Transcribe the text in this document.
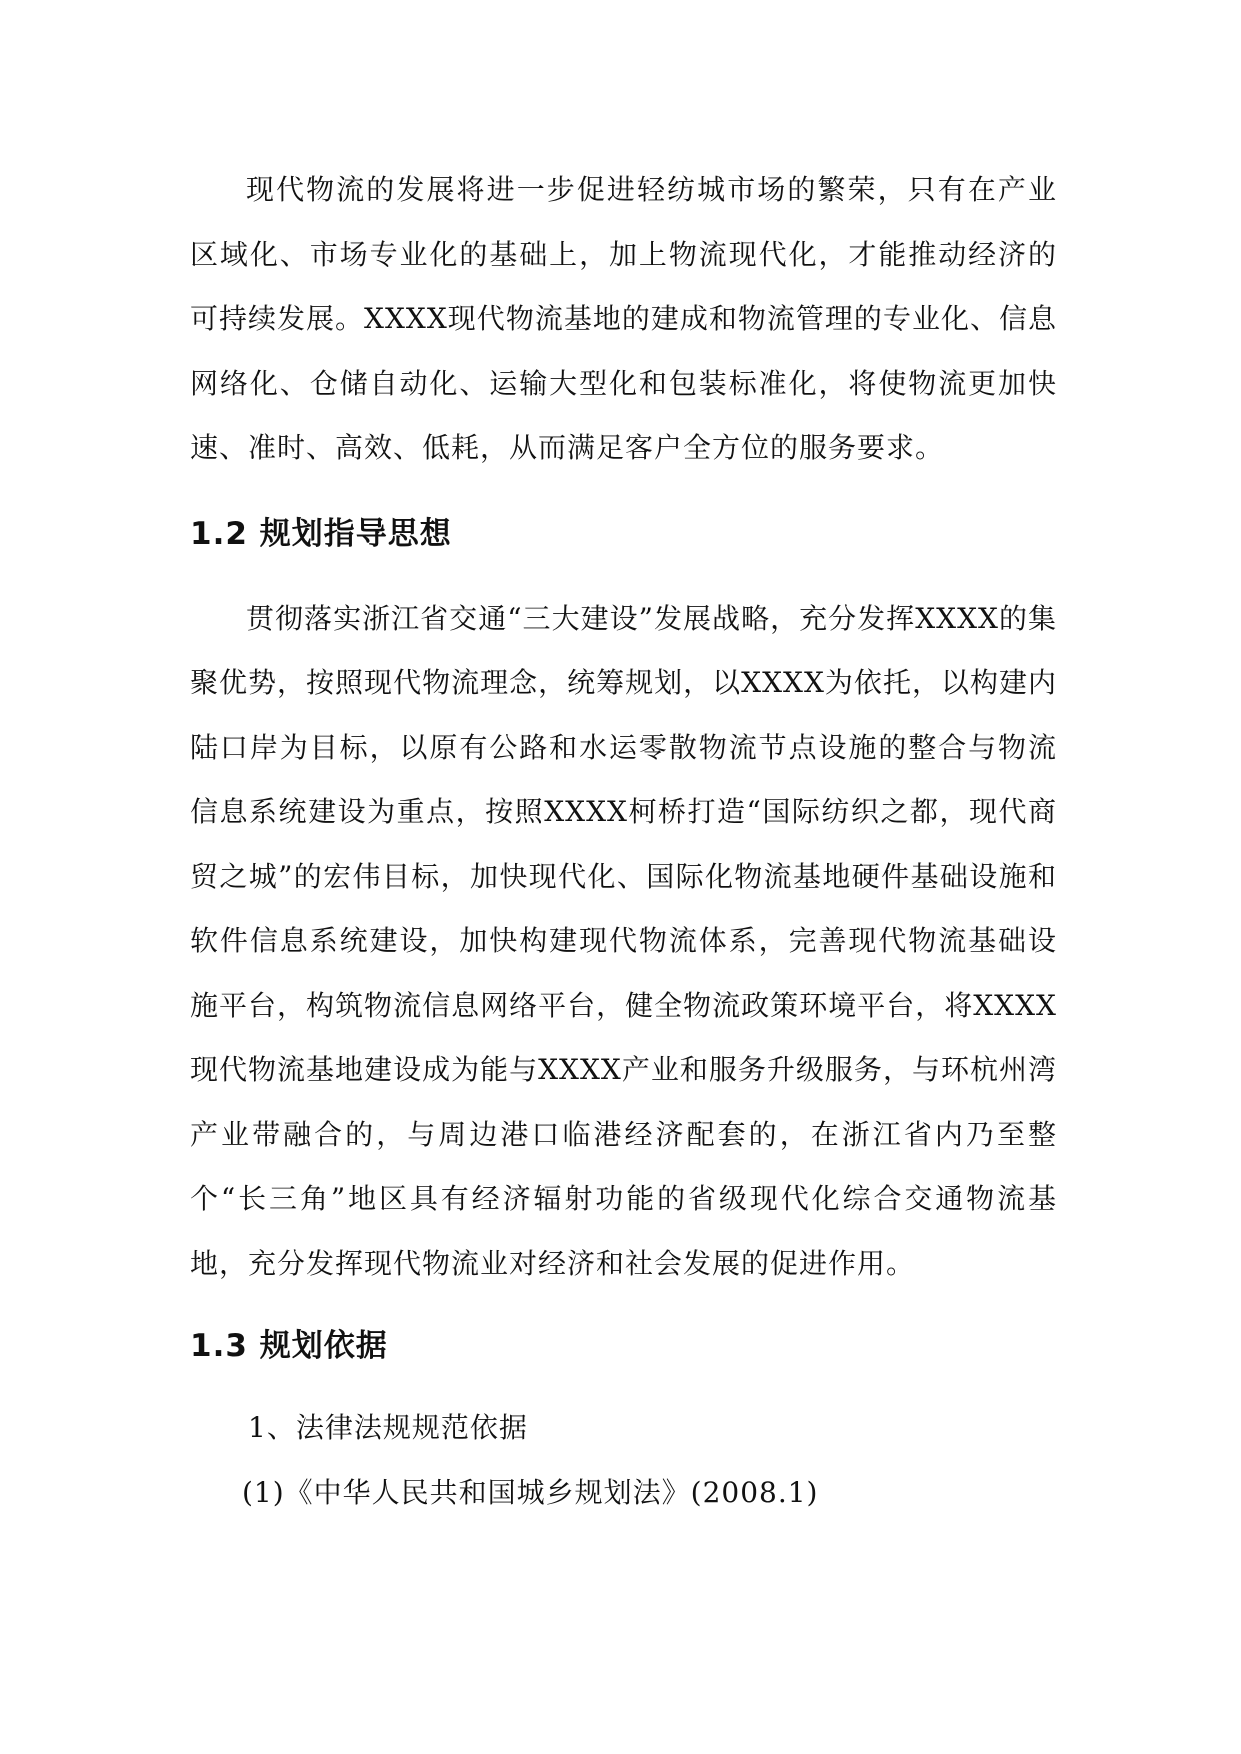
现代物流的发展将进一步促进轻纺城市场的繁荣，只有在产业区域化、市场专业化的基础上，加上物流现代化，才能推动经济的可持续发展。XXXX现代物流基地的建成和物流管理的专业化、信息网络化、仓储自动化、运输大型化和包装标准化，将使物流更加快速、准时、高效、低耗，从而满足客户全方位的服务要求。

1.2 规划指导思想

贯彻落实浙江省交通“三大建设”发展战略，充分发挥XXXX的集聚优势，按照现代物流理念，统筹规划，以XXXX为依托，以构建内陆口岸为目标，以原有公路和水运零散物流节点设施的整合与物流信息系统建设为重点，按照XXXX柯桥打造“国际纺织之都，现代商贸之城”的宏伟目标，加快现代化、国际化物流基地硬件基础设施和软件信息系统建设，加快构建现代物流体系，完善现代物流基础设施平台，构筑物流信息网络平台，健全物流政策环境平台，将XXXX现代物流基地建设成为能与XXXX产业和服务升级服务，与环杭州湾产业带融合的，与周边港口临港经济配套的，在浙江省内乃至整个“长三角”地区具有经济辐射功能的省级现代化综合交通物流基地，充分发挥现代物流业对经济和社会发展的促进作用。

1.3 规划依据

1、法律法规规范依据

(1)《中华人民共和国城乡规划法》(2008.1)
